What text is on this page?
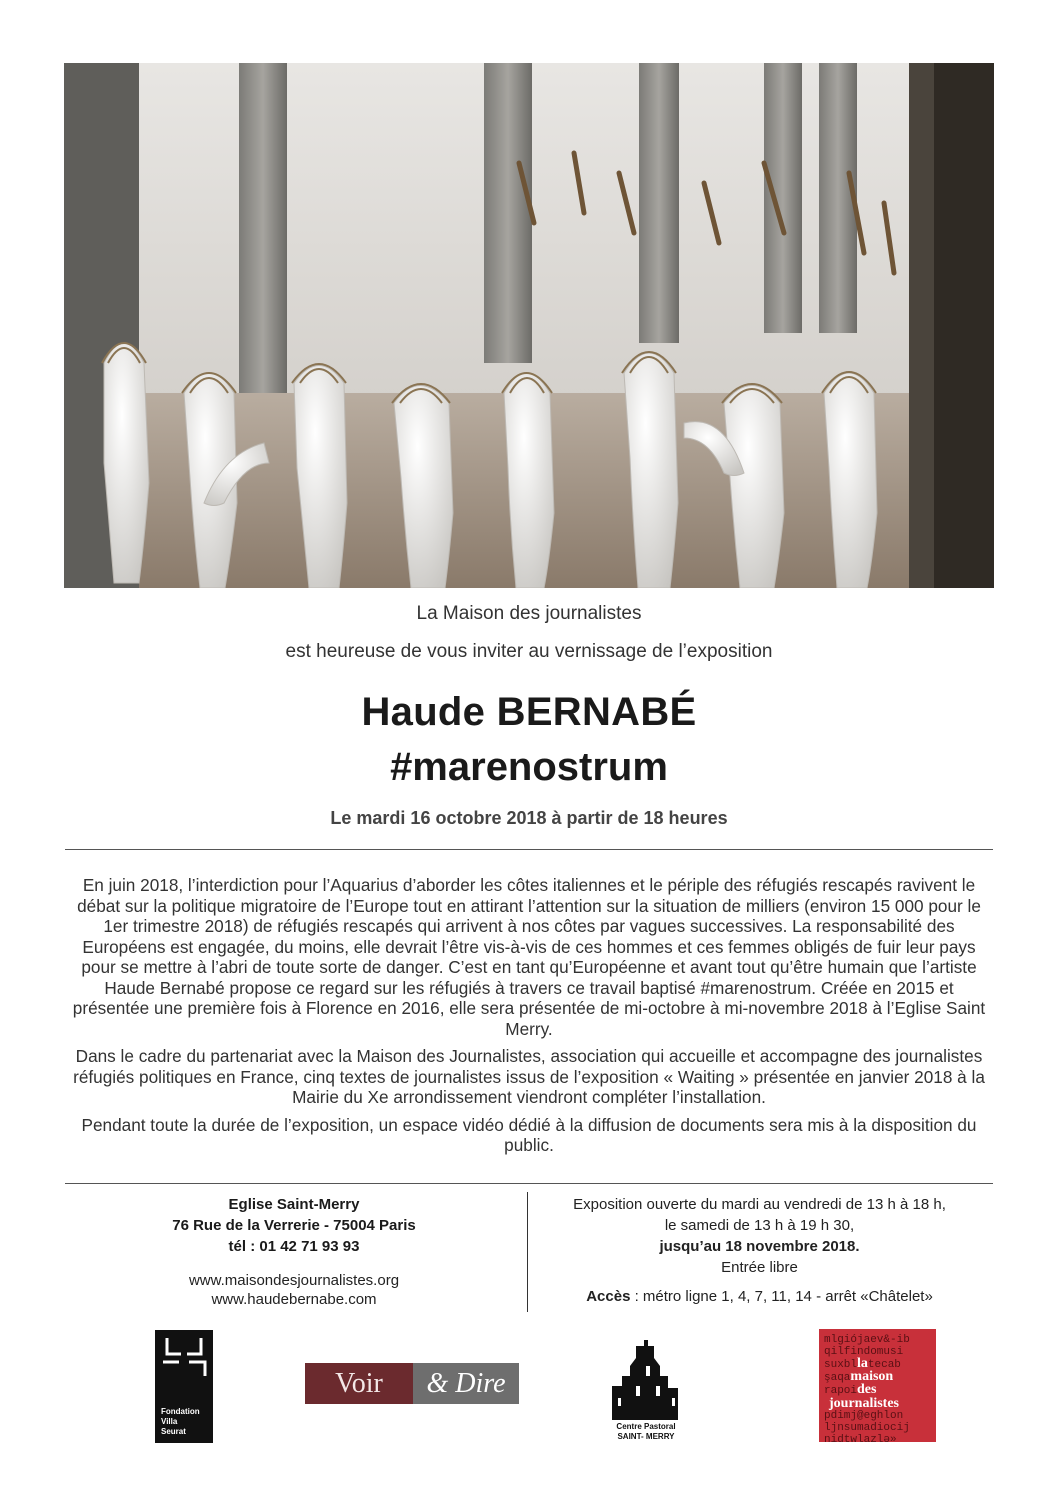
La Maison des journalistes
est heureuse de vous inviter au vernissage de l’exposition
Haude BERNABÉ
#marenostrum
Le mardi 16 octobre 2018 à partir de 18 heures

En juin 2018, l’interdiction pour l’Aquarius d’aborder les côtes italiennes et le périple des réfugiés rescapés ravivent le débat sur la politique migratoire de l’Europe tout en attirant l’attention sur la situation de milliers (environ 15 000 pour le 1er trimestre 2018) de réfugiés rescapés qui arrivent à nos côtes par vagues successives. La responsabilité des Européens est engagée, du moins, elle devrait l’être vis-à-vis de ces hommes et ces femmes obligés de fuir leur pays pour se mettre à l’abri de toute sorte de danger. C’est en tant qu’Européenne et avant tout qu’être humain que l’artiste Haude Bernabé propose ce regard sur les réfugiés à travers ce travail baptisé #marenostrum. Créée en 2015 et présentée une première fois à Florence en 2016, elle sera présentée de mi-octobre à mi-novembre 2018 à l’Eglise Saint Merry.

Dans le cadre du partenariat avec la Maison des Journalistes, association qui accueille et accompagne des journalistes réfugiés politiques en France, cinq textes de journalistes issus de l’exposition « Waiting » présentée en janvier 2018 à la Mairie du Xe arrondissement viendront compléter l’installation.

Pendant toute la durée de l’exposition, un espace vidéo dédié à la diffusion de documents sera mis à la disposition du public.

Eglise Saint-Merry
76 Rue de la Verrerie - 75004 Paris
tél : 01 42 71 93 93
www.maisondesjournalistes.org
www.haudebernabe.com
Exposition ouverte du mardi au vendredi de 13 h à 18 h,
le samedi de 13 h à 19 h 30,
jusqu’au 18 novembre 2018.
Entrée libre
Accès : métro ligne 1, 4, 7, 11, 14 - arrêt «Châtelet»
Fondation
Villa
Seurat
Voir	& Dire
Centre Pastoral
SAINT- MERRY
mlgiójaev&-ib
qilfindomusi
suxbllatecab
şaqamaison
rapoides
journalistes
pdimj@eghlon
ljnsumadiocij
nidtwlazlə»
